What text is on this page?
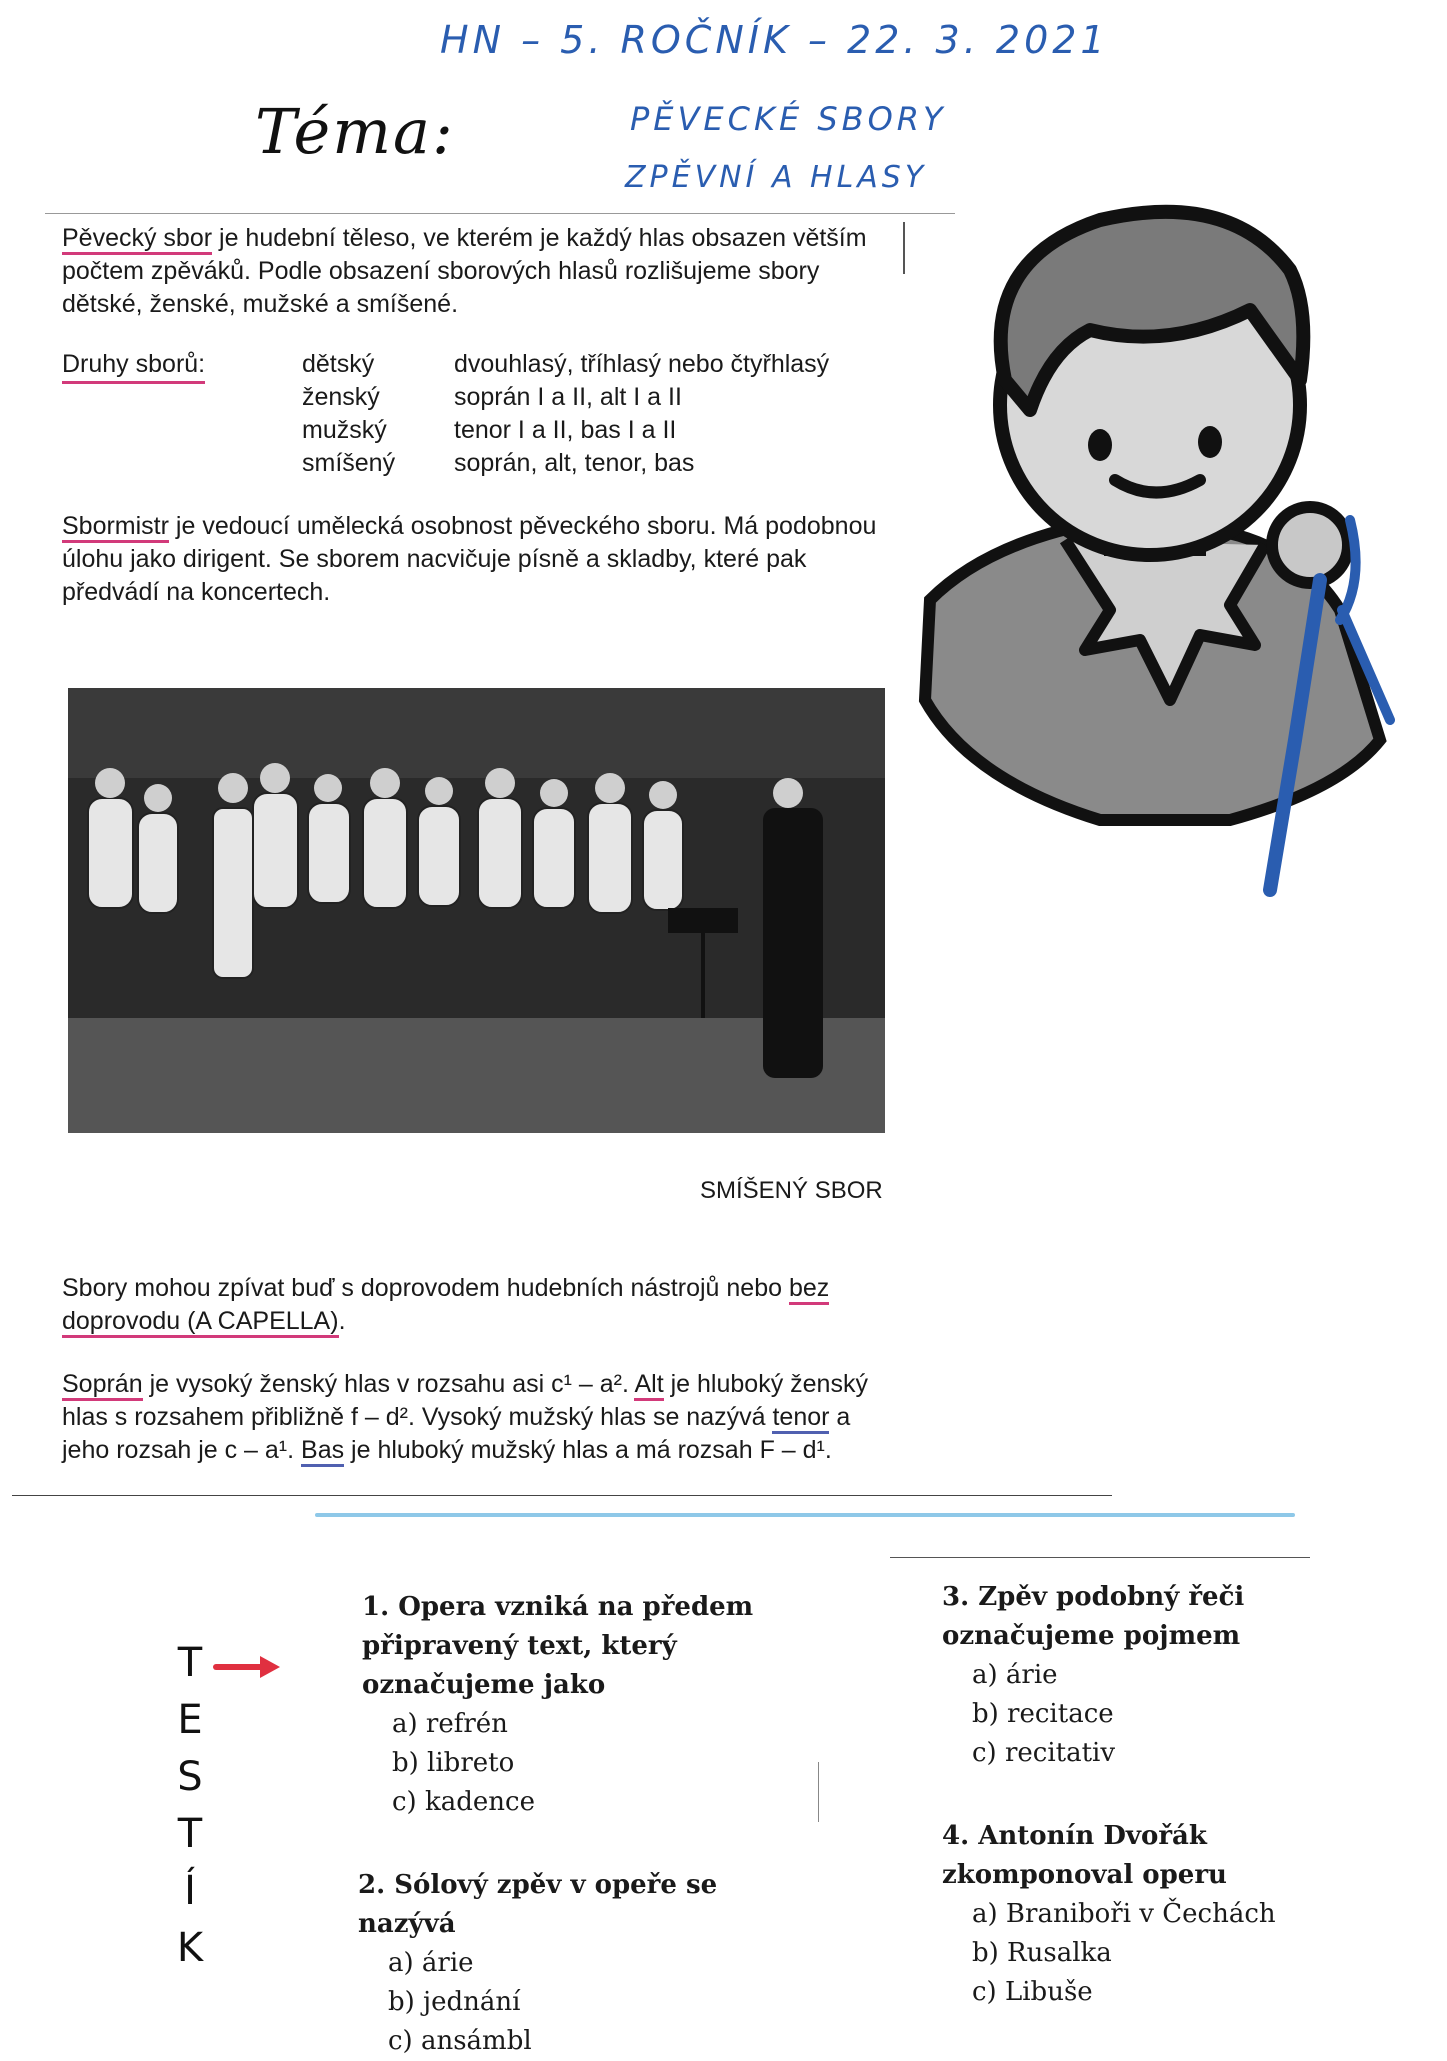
HN – 5. ROČNÍK – 22. 3. 2021
Téma:	PĚVECKÉ SBORY
ZPĚVNÍ A HLASY

Pěvecký sbor je hudební těleso, ve kterém je každý hlas obsazen větším počtem zpěváků. Podle obsazení sborových hlasů rozlišujeme sbory dětské, ženské, mužské a smíšené.

Druhy sborů:	dětský	dvouhlasý, tříhlasý nebo čtyřhlasý
ženský	soprán I a II, alt I a II
mužský	tenor I a II, bas I a II
smíšený soprán, alt, tenor, bas

Sbormistr je vedoucí umělecká osobnost pěveckého sboru. Má podobnou úlohu jako dirigent. Se sborem nacvičuje písně a skladby, které pak předvádí na koncertech.

SMÍŠENÝ SBOR

Sbory mohou zpívat buď s doprovodem hudebních nástrojů nebo bez doprovodu (A CAPELLA).

Soprán je vysoký ženský hlas v rozsahu asi c¹ – a². Alt je hluboký ženský hlas s rozsahem přibližně f – d². Vysoký mužský hlas se nazývá tenor a jeho rozsah je c – a¹. Bas je hluboký mužský hlas a má rozsah F – d¹.

T
E
S
T
Í
K
1. Opera vzniká na předem připravený text, který označujeme jako
a) refrén
b) libreto
c) kadence
2. Sólový zpěv v opeře se nazývá
a) árie
b) jednání
c) ansámbl
3. Zpěv podobný řeči označujeme pojmem
a) árie
b) recitace
c) recitativ
4. Antonín Dvořák zkomponoval operu
a) Braniboři v Čechách
b) Rusalka
c) Libuše
